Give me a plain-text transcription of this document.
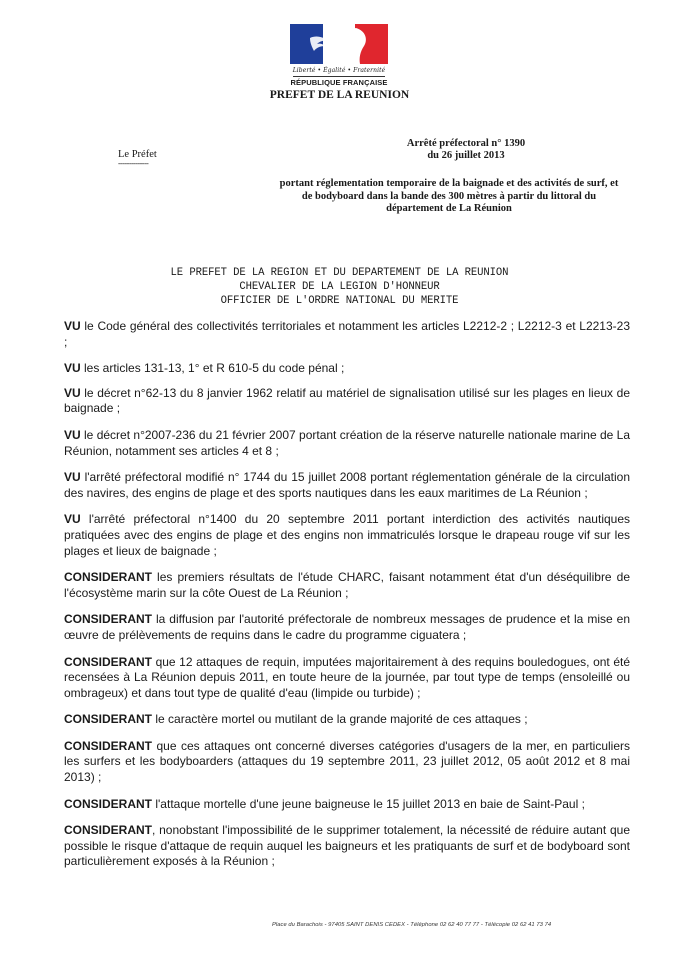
Liberté • Égalité • Fraternité
RÉPUBLIQUE FRANÇAISE
PREFET DE LA REUNION
Le Préfet
--------------
Arrêté préfectoral n° 1390
du 26 juillet 2013
portant réglementation temporaire de la baignade et des activités de surf, et de bodyboard dans la bande des 300 mètres à partir du littoral du département de La Réunion
LE PREFET DE LA REGION ET DU DEPARTEMENT DE LA REUNION
CHEVALIER DE LA LEGION D'HONNEUR
OFFICIER DE L'ORDRE NATIONAL DU MERITE

VU le Code général des collectivités territoriales et notamment les articles L2212-2 ; L2212-3 et L2213-23 ;

VU les articles 131-13, 1° et R 610-5 du code pénal ;

VU le décret n°62-13 du 8 janvier 1962 relatif au matériel de signalisation utilisé sur les plages en lieux de baignade ;

VU le décret n°2007-236 du 21 février 2007 portant création de la réserve naturelle nationale marine de La Réunion, notamment ses articles 4 et 8 ;

VU l'arrêté préfectoral modifié n° 1744 du 15 juillet 2008 portant réglementation générale de la circulation des navires, des engins de plage et des sports nautiques dans les eaux maritimes de La Réunion ;

VU l'arrêté préfectoral n°1400 du 20 septembre 2011 portant interdiction des activités nautiques pratiquées avec des engins de plage et des engins non immatriculés lorsque le drapeau rouge vif sur les plages et lieux de baignade ;

CONSIDERANT les premiers résultats de l'étude CHARC, faisant notamment état d'un déséquilibre de l'écosystème marin sur la côte Ouest de La Réunion ;

CONSIDERANT la diffusion par l'autorité préfectorale de nombreux messages de prudence et la mise en œuvre de prélèvements de requins dans le cadre du programme ciguatera ;

CONSIDERANT que 12 attaques de requin, imputées majoritairement à des requins bouledogues, ont été recensées à La Réunion depuis 2011, en toute heure de la journée, par tout type de temps (ensoleillé ou ombrageux) et dans tout type de qualité d'eau (limpide ou turbide) ;

CONSIDERANT le caractère mortel ou mutilant de la grande majorité de ces attaques ;

CONSIDERANT que ces attaques ont concerné diverses catégories d'usagers de la mer, en particuliers les surfers et les bodyboarders (attaques du 19 septembre 2011, 23 juillet 2012, 05 août 2012 et 8 mai 2013) ;

CONSIDERANT l'attaque mortelle d'une jeune baigneuse le 15 juillet 2013 en baie de Saint-Paul ;

CONSIDERANT, nonobstant l'impossibilité de le supprimer totalement, la nécessité de réduire autant que possible le risque d'attaque de requin auquel les baigneurs et les pratiquants de surf et de bodyboard sont particulièrement exposés à la Réunion ;

Place du Barachois - 97405 SAINT DENIS CEDEX - Téléphone 02 62 40 77 77 - Télécopie 02 62 41 73 74
